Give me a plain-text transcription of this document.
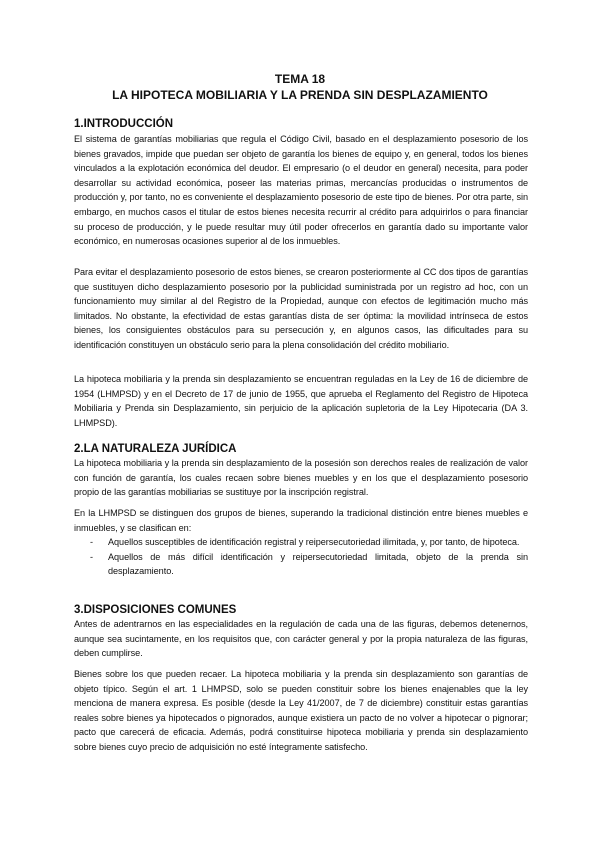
TEMA 18

LA HIPOTECA MOBILIARIA Y LA PRENDA SIN DESPLAZAMIENTO

1.INTRODUCCIÓN

El sistema de garantías mobiliarias que regula el Código Civil, basado en el desplazamiento posesorio de los bienes gravados, impide que puedan ser objeto de garantía los bienes de equipo y, en general, todos los bienes vinculados a la explotación económica del deudor. El empresario (o el deudor en general) necesita, para poder desarrollar su actividad económica, poseer las materias primas, mercancías producidas o instrumentos de producción y, por tanto, no es conveniente el desplazamiento posesorio de este tipo de bienes. Por otra parte, sin embargo, en muchos casos el titular de estos bienes necesita recurrir al crédito para adquirirlos o para financiar su proceso de producción, y le puede resultar muy útil poder ofrecerlos en garantía dado su importante valor económico, en numerosas ocasiones superior al de los inmuebles.

Para evitar el desplazamiento posesorio de estos bienes, se crearon posteriormente al CC dos tipos de garantías que sustituyen dicho desplazamiento posesorio por la publicidad suministrada por un registro ad hoc, con un funcionamiento muy similar al del Registro de la Propiedad, aunque con efectos de legitimación mucho más limitados. No obstante, la efectividad de estas garantías dista de ser óptima: la movilidad intrínseca de estos bienes, los consiguientes obstáculos para su persecución y, en algunos casos, las dificultades para su identificación constituyen un obstáculo serio para la plena consolidación del crédito mobiliario.

La hipoteca mobiliaria y la prenda sin desplazamiento se encuentran reguladas en la Ley de 16 de diciembre de 1954 (LHMPSD) y en el Decreto de 17 de junio de 1955, que aprueba el Reglamento del Registro de Hipoteca Mobiliaria y Prenda sin Desplazamiento, sin perjuicio de la aplicación supletoria de la Ley Hipotecaria (DA 3. LHMPSD).

2.LA NATURALEZA JURÍDICA

La hipoteca mobiliaria y la prenda sin desplazamiento de la posesión son derechos reales de realización de valor con función de garantía, los cuales recaen sobre bienes muebles y en los que el desplazamiento posesorio propio de las garantías mobiliarias se sustituye por la inscripción registral.

En la LHMPSD se distinguen dos grupos de bienes, superando la tradicional distinción entre bienes muebles e inmuebles, y se clasifican en:

- Aquellos susceptibles de identificación registral y reipersecutoriedad ilimitada, y, por tanto, de hipoteca.
- Aquellos de más difícil identificación y reipersecutoriedad limitada, objeto de la prenda sin desplazamiento.
3.DISPOSICIONES COMUNES

Antes de adentrarnos en las especialidades en la regulación de cada una de las figuras, debemos detenernos, aunque sea sucintamente, en los requisitos que, con carácter general y por la propia naturaleza de las figuras, deben cumplirse.

Bienes sobre los que pueden recaer. La hipoteca mobiliaria y la prenda sin desplazamiento son garantías de objeto típico. Según el art. 1 LHMPSD, solo se pueden constituir sobre los bienes enajenables que la ley menciona de manera expresa. Es posible (desde la Ley 41/2007, de 7 de diciembre) constituir estas garantías reales sobre bienes ya hipotecados o pignorados, aunque existiera un pacto de no volver a hipotecar o pignorar; pacto que carecerá de eficacia. Además, podrá constituirse hipoteca mobiliaria y prenda sin desplazamiento sobre bienes cuyo precio de adquisición no esté íntegramente satisfecho.
